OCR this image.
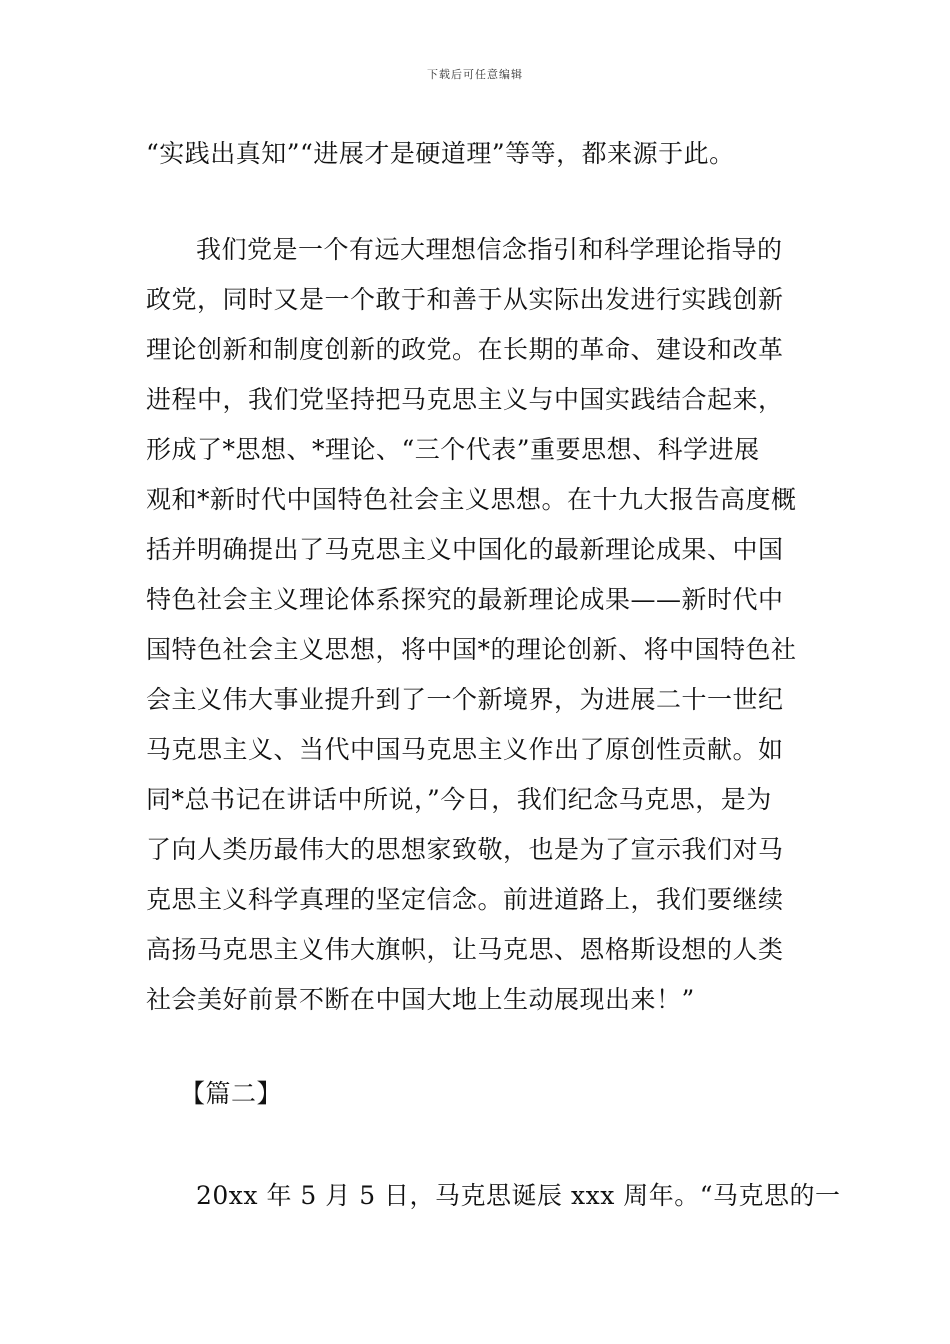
下载后可任意编辑
“实践出真知”“进展才是硬道理”等等，都来源于此。
我们党是一个有远大理想信念指引和科学理论指导的
政党，同时又是一个敢于和善于从实际出发进行实践创新
理论创新和制度创新的政党。在长期的革命、建设和改革
进程中，我们党坚持把马克思主义与中国实践结合起来，
形成了*思想、*理论、“三个代表”重要思想、科学进展
观和*新时代中国特色社会主义思想。在十九大报告高度概
括并明确提出了马克思主义中国化的最新理论成果、中国
特色社会主义理论体系探究的最新理论成果——新时代中
国特色社会主义思想，将中国*的理论创新、将中国特色社
会主义伟大事业提升到了一个新境界，为进展二十一世纪
马克思主义、当代中国马克思主义作出了原创性贡献。如
同*总书记在讲话中所说，”今日，我们纪念马克思，是为
了向人类历最伟大的思想家致敬，也是为了宣示我们对马
克思主义科学真理的坚定信念。前进道路上，我们要继续
高扬马克思主义伟大旗帜，让马克思、恩格斯设想的人类
社会美好前景不断在中国大地上生动展现出来！”
【篇二】
20xx 年 5 月 5 日，马克思诞辰 xxx 周年。“马克思的一
